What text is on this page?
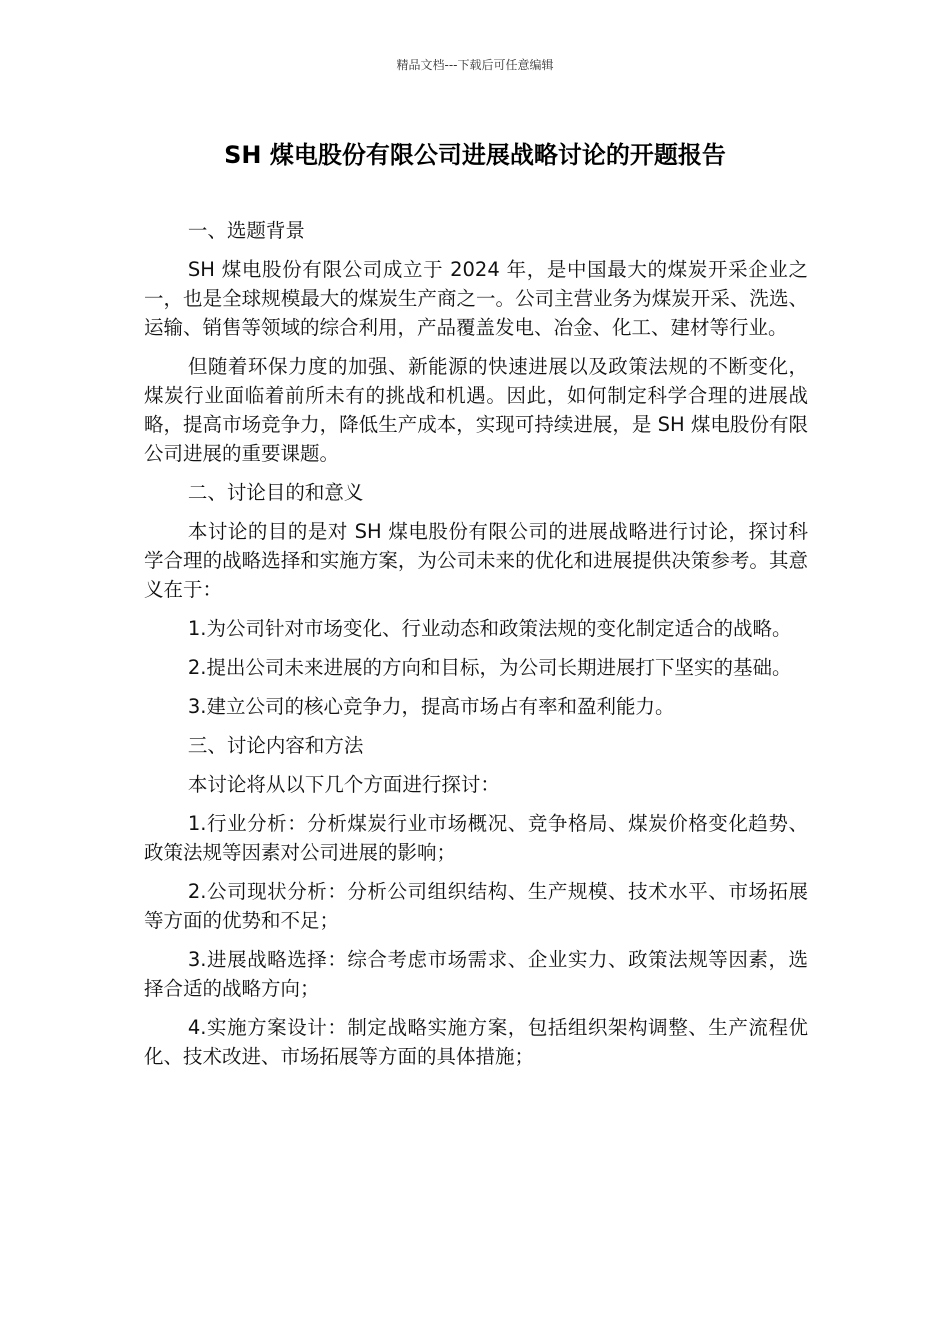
精品文档---下载后可任意编辑
SH 煤电股份有限公司进展战略讨论的开题报告

一、选题背景

SH 煤电股份有限公司成立于 2024 年，是中国最大的煤炭开采企业之一，也是全球规模最大的煤炭生产商之一。公司主营业务为煤炭开采、洗选、运输、销售等领域的综合利用，产品覆盖发电、冶金、化工、建材等行业。

但随着环保力度的加强、新能源的快速进展以及政策法规的不断变化，煤炭行业面临着前所未有的挑战和机遇。因此，如何制定科学合理的进展战略，提高市场竞争力，降低生产成本，实现可持续进展，是 SH 煤电股份有限公司进展的重要课题。

二、讨论目的和意义

本讨论的目的是对 SH 煤电股份有限公司的进展战略进行讨论，探讨科学合理的战略选择和实施方案，为公司未来的优化和进展提供决策参考。其意义在于：

1.为公司针对市场变化、行业动态和政策法规的变化制定适合的战略。

2.提出公司未来进展的方向和目标，为公司长期进展打下坚实的基础。

3.建立公司的核心竞争力，提高市场占有率和盈利能力。

三、讨论内容和方法

本讨论将从以下几个方面进行探讨：

1.行业分析：分析煤炭行业市场概况、竞争格局、煤炭价格变化趋势、政策法规等因素对公司进展的影响；

2.公司现状分析：分析公司组织结构、生产规模、技术水平、市场拓展等方面的优势和不足；

3.进展战略选择：综合考虑市场需求、企业实力、政策法规等因素，选择合适的战略方向；

4.实施方案设计：制定战略实施方案，包括组织架构调整、生产流程优化、技术改进、市场拓展等方面的具体措施；
